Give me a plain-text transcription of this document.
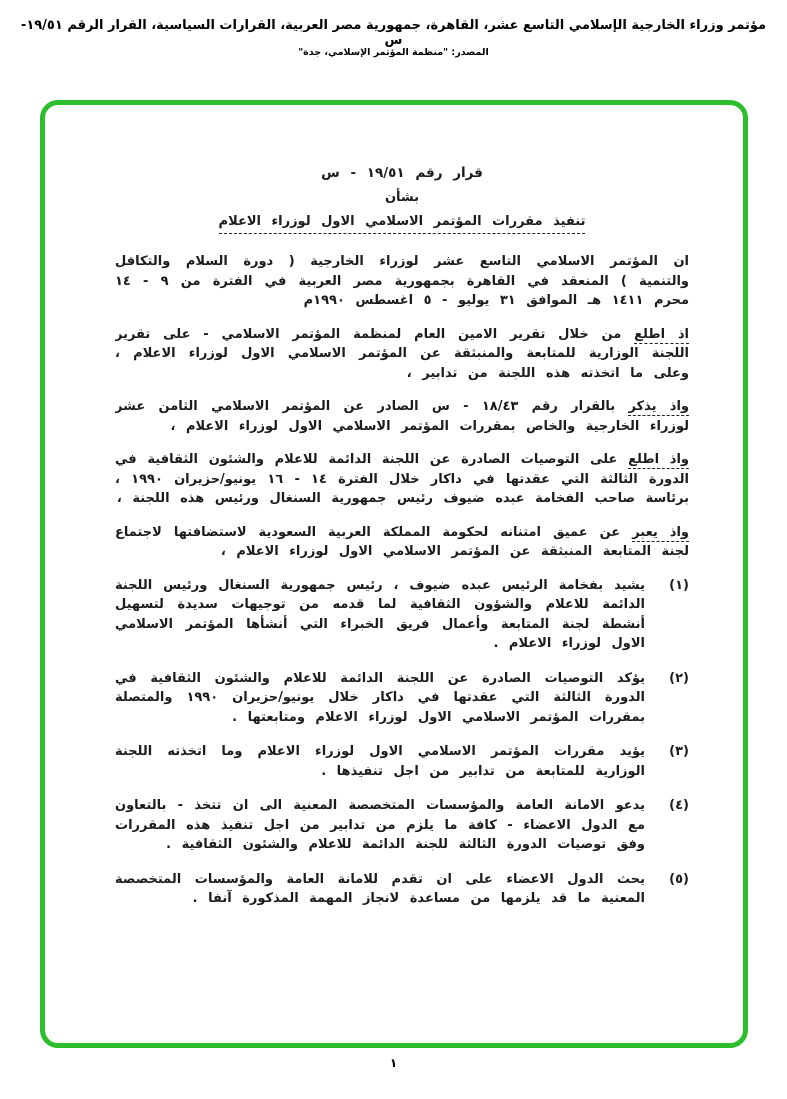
مؤتمر وزراء الخارجية الإسلامي التاسع عشر، القاهرة، جمهورية مصر العربية، القرارات السياسية، القرار الرقم ١٩/٥١-س
المصدر: "منظمة المؤتمر الإسلامي، جدة"
قرار رقم ١٩/٥١ - س
بشأن
تنفيذ مقررات المؤتمر الاسلامي الاول لوزراء الاعلام

ان المؤتمر الاسلامي التاسع عشر لوزراء الخارجية ( دورة السلام والتكافل والتنمية ) المنعقد في القاهرة بجمهورية مصر العربية في الفترة من ٩ - ١٤ محرم ١٤١١ هـ الموافق ٣١ يوليو - ٥ اغسطس ١٩٩٠م

اذ اطلع من خلال تقرير الامين العام لمنظمة المؤتمر الاسلامي - على تقرير اللجنة الوزارية للمتابعة والمنبثقة عن المؤتمر الاسلامي الاول لوزراء الاعلام ، وعلى ما اتخذته هذه اللجنة من تدابير ،

واذ يذكر بالقرار رقم ١٨/٤٣ - س الصادر عن المؤتمر الاسلامي الثامن عشر لوزراء الخارجية والخاص بمقررات المؤتمر الاسلامي الاول لوزراء الاعلام ،

واذ اطلع على التوصيات الصادرة عن اللجنة الدائمة للاعلام والشئون الثقافية في الدورة الثالثة التي عقدتها في داكار خلال الفترة ١٤ - ١٦ يونيو/حزيران ١٩٩٠ ، برئاسة صاحب الفخامة عبده ضيوف رئيس جمهورية السنغال ورئيس هذه اللجنة ،

واذ يعبر عن عميق امتنانه لحكومة المملكة العربية السعودية لاستضافتها لاجتماع لجنة المتابعة المنبثقة عن المؤتمر الاسلامي الاول لوزراء الاعلام ،

(١)
يشيد بفخامة الرئيس عبده ضيوف ، رئيس جمهورية السنغال ورئيس اللجنة الدائمة للاعلام والشؤون الثقافية لما قدمه من توجيهات سديدة لتسهيل أنشطة لجنة المتابعة وأعمال فريق الخبراء التي أنشأها المؤتمر الاسلامي الاول لوزراء الاعلام .
(٢)
يؤكد التوصيات الصادرة عن اللجنة الدائمة للاعلام والشئون الثقافية في الدورة الثالثة التي عقدتها في داكار خلال يونيو/حزيران ١٩٩٠ والمتصلة بمقررات المؤتمر الاسلامي الاول لوزراء الاعلام ومتابعتها .
(٣)
يؤيد مقررات المؤتمر الاسلامي الاول لوزراء الاعلام وما اتخذته اللجنة الوزارية للمتابعة من تدابير من اجل تنفيذها .
(٤)
يدعو الامانة العامة والمؤسسات المتخصصة المعنية الى ان تتخذ - بالتعاون مع الدول الاعضاء - كافة ما يلزم من تدابير من اجل تنفيذ هذه المقررات وفق توصيات الدورة الثالثة للجنة الدائمة للاعلام والشئون الثقافية .
(٥)
يحث الدول الاعضاء على ان تقدم للامانة العامة والمؤسسات المتخصصة المعنية ما قد يلزمها من مساعدة لانجاز المهمة المذكورة آنفا .
١
